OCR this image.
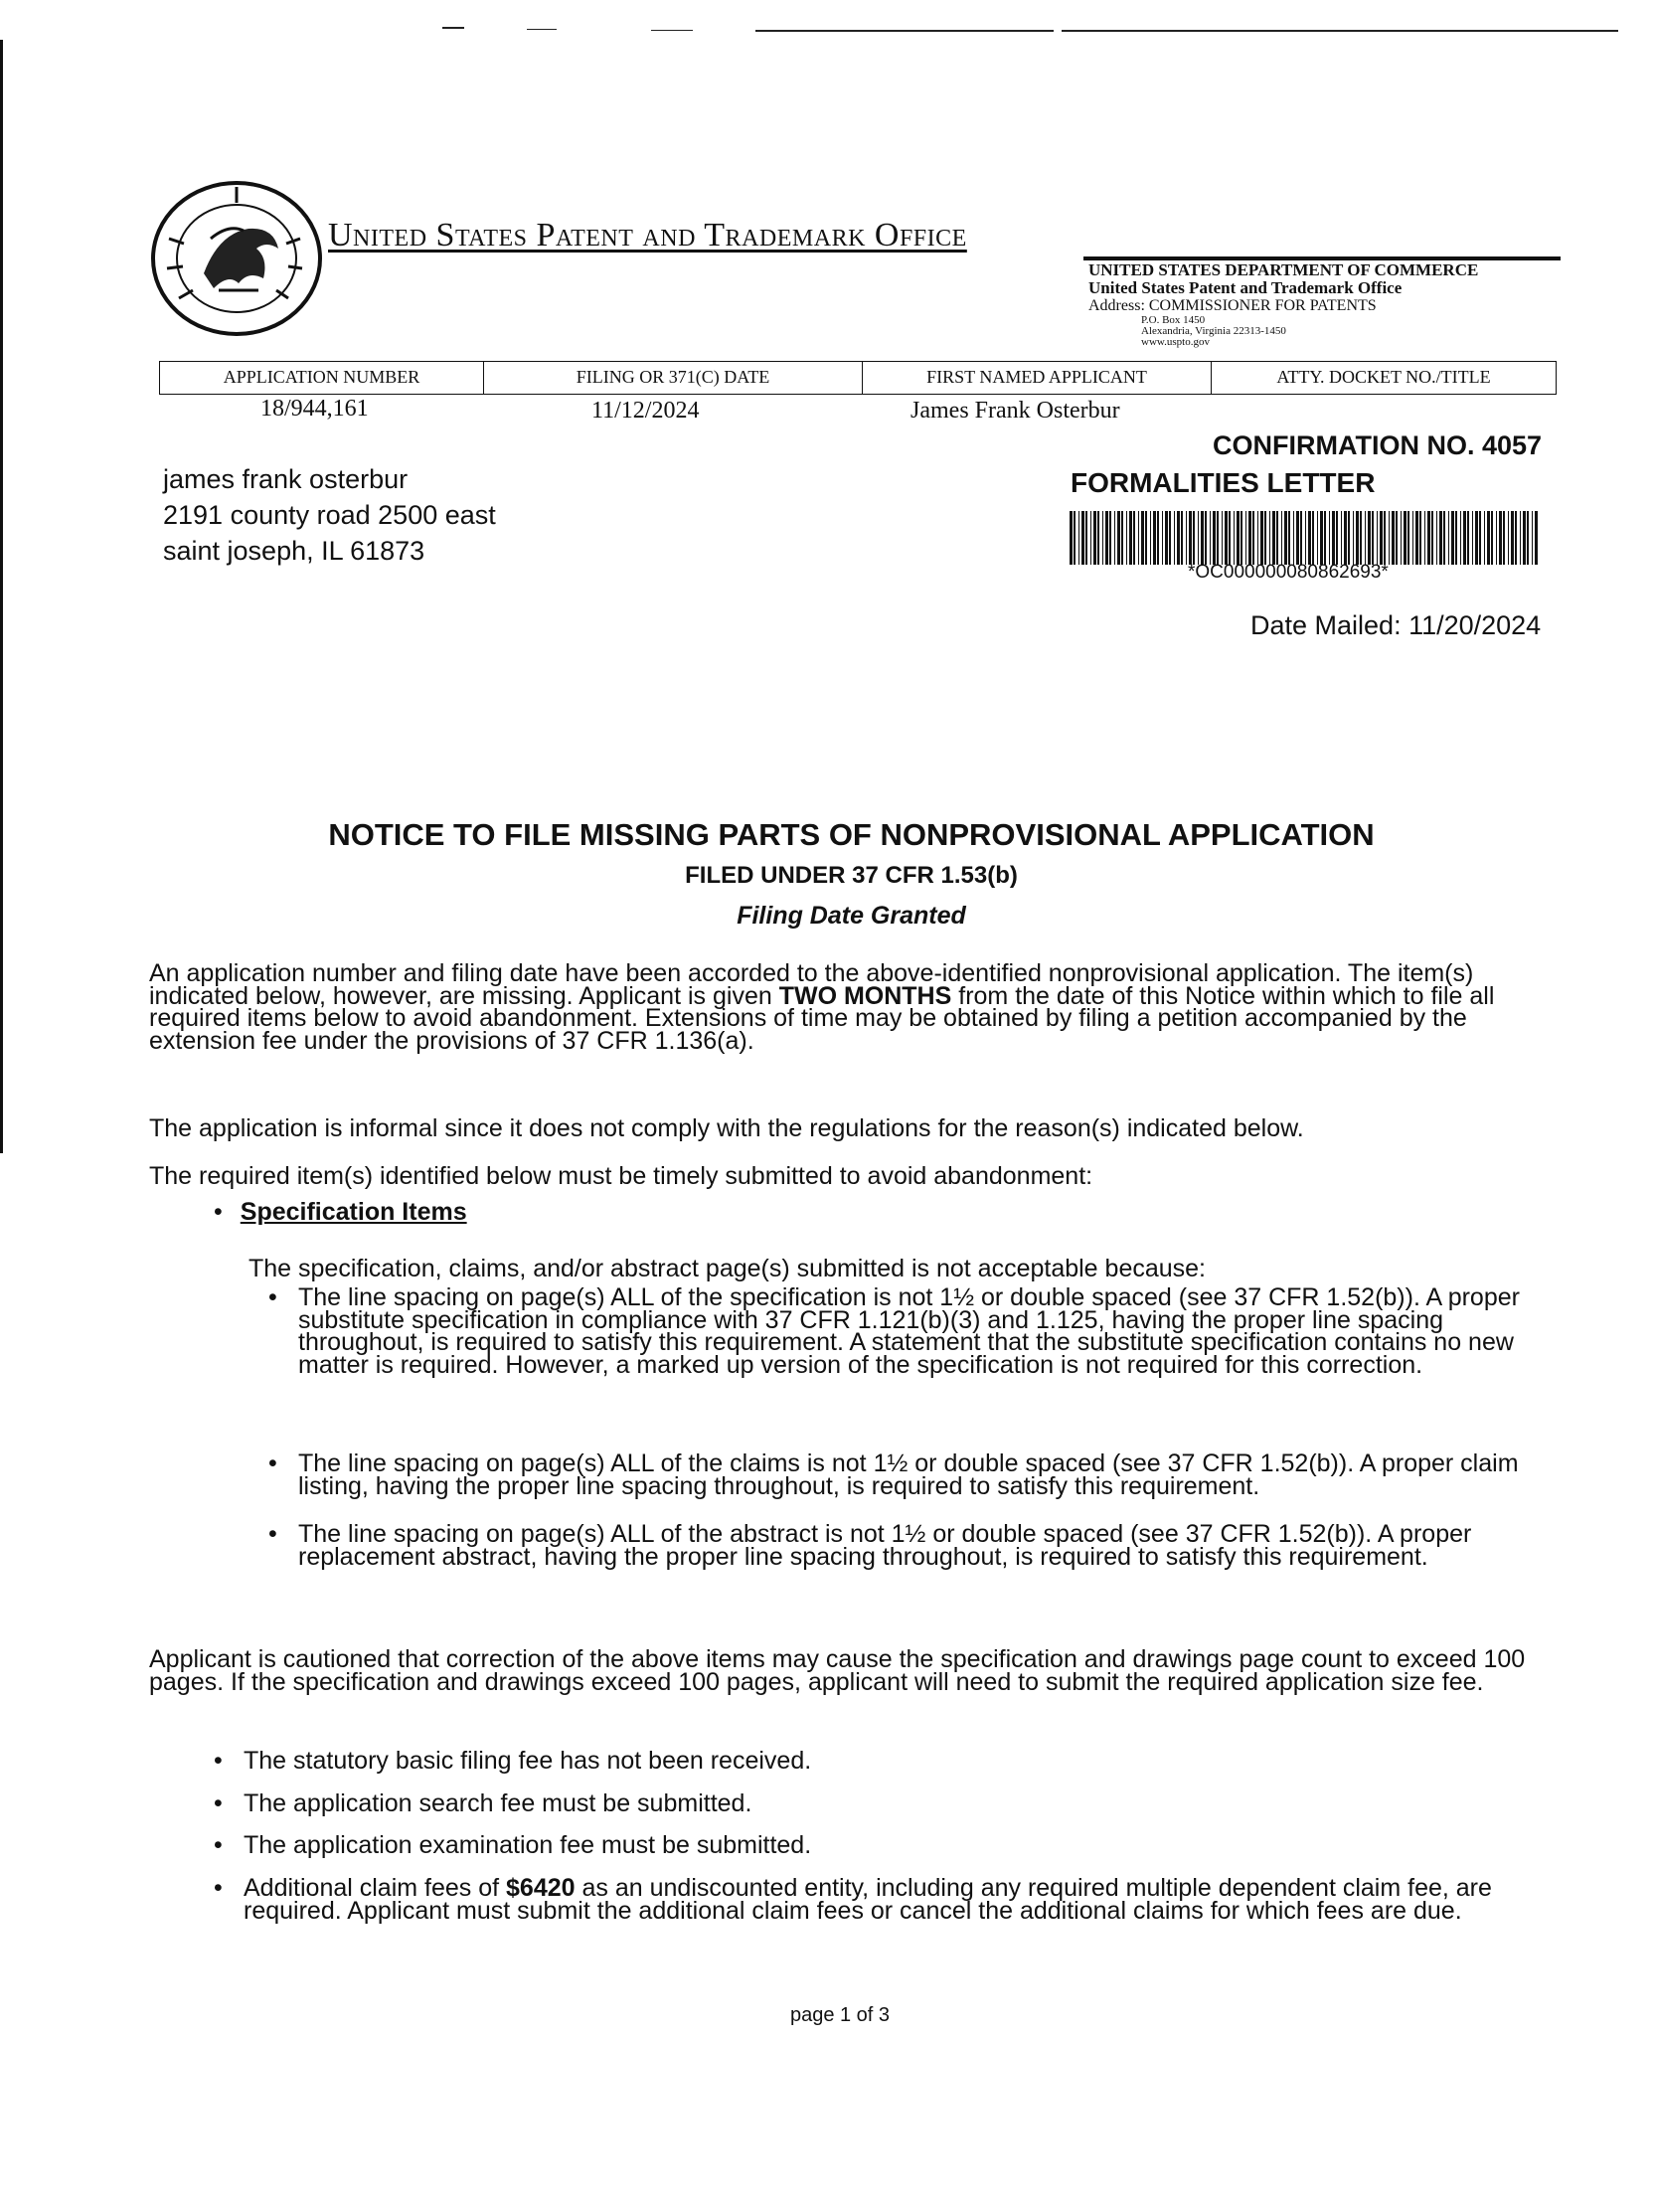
United States Patent and Trademark Office
UNITED STATES DEPARTMENT OF COMMERCE
United States Patent and Trademark Office
Address: COMMISSIONER FOR PATENTS
P.O. Box 1450
Alexandria, Virginia 22313-1450
www.uspto.gov
APPLICATION NUMBER	FILING OR 371(C) DATE	FIRST NAMED APPLICANT	ATTY. DOCKET NO./TITLE
18/944,161	11/12/2024	James Frank Osterbur
james frank osterbur
2191 county road 2500 east
saint joseph, IL 61873
CONFIRMATION NO. 4057
FORMALITIES LETTER
*OC000000080862693*
Date Mailed: 11/20/2024
NOTICE TO FILE MISSING PARTS OF NONPROVISIONAL APPLICATION
FILED UNDER 37 CFR 1.53(b)
Filing Date Granted
An application number and filing date have been accorded to the above-identified nonprovisional application. The item(s) indicated below, however, are missing. Applicant is given TWO MONTHS from the date of this Notice within which to file all required items below to avoid abandonment. Extensions of time may be obtained by filing a petition accompanied by the extension fee under the provisions of 37 CFR 1.136(a).
The application is informal since it does not comply with the regulations for the reason(s) indicated below.
The required item(s) identified below must be timely submitted to avoid abandonment:
• Specification Items
The specification, claims, and/or abstract page(s) submitted is not acceptable because:
• The line spacing on page(s) ALL of the specification is not 1½ or double spaced (see 37 CFR 1.52(b)). A proper substitute specification in compliance with 37 CFR 1.121(b)(3) and 1.125, having the proper line spacing throughout, is required to satisfy this requirement. A statement that the substitute specification contains no new matter is required. However, a marked up version of the specification is not required for this correction.
• The line spacing on page(s) ALL of the claims is not 1½ or double spaced (see 37 CFR 1.52(b)). A proper claim listing, having the proper line spacing throughout, is required to satisfy this requirement.
• The line spacing on page(s) ALL of the abstract is not 1½ or double spaced (see 37 CFR 1.52(b)). A proper replacement abstract, having the proper line spacing throughout, is required to satisfy this requirement.
Applicant is cautioned that correction of the above items may cause the specification and drawings page count to exceed 100 pages. If the specification and drawings exceed 100 pages, applicant will need to submit the required application size fee.
• The statutory basic filing fee has not been received.
• The application search fee must be submitted.
• The application examination fee must be submitted.
• Additional claim fees of $6420 as an undiscounted entity, including any required multiple dependent claim fee, are required. Applicant must submit the additional claim fees or cancel the additional claims for which fees are due.
page 1 of 3
